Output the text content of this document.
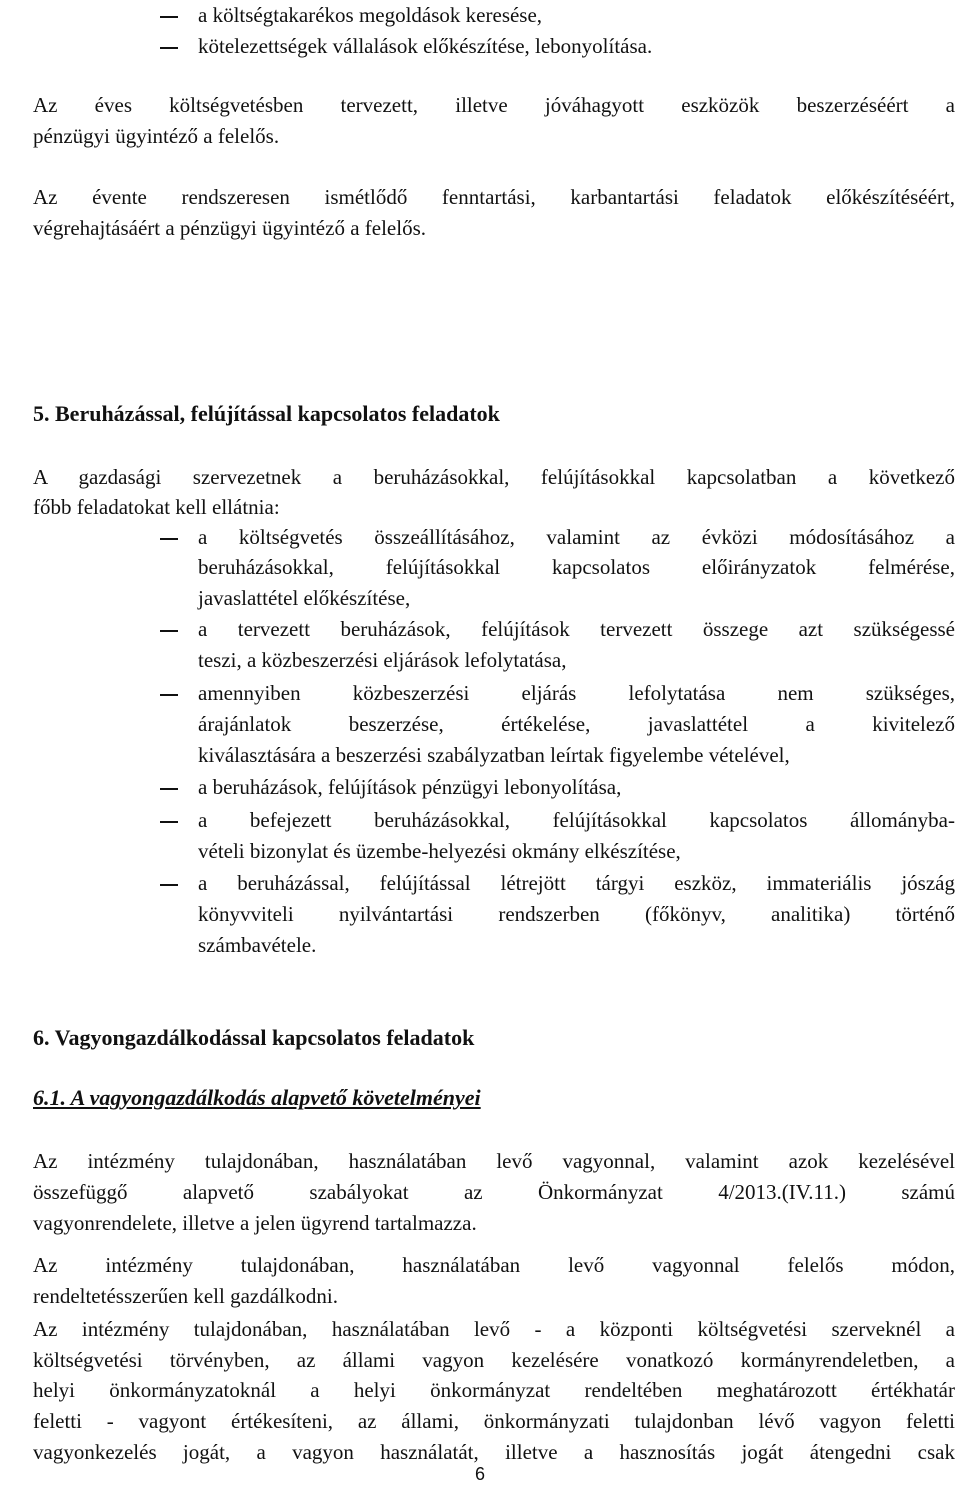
a költségtakarékos megoldások keresése,
kötelezettségek vállalások előkészítése, lebonyolítása.
Az éves költségvetésben tervezett, illetve jóváhagyott eszközök beszerzéséért a
pénzügyi ügyintéző a felelős.
Az évente rendszeresen ismétlődő fenntartási, karbantartási feladatok előkészítéséért,
végrehajtásáért a pénzügyi ügyintéző a felelős.
5. Beruházással, felújítással kapcsolatos feladatok
A gazdasági szervezetnek a beruházásokkal, felújításokkal kapcsolatban a következő
főbb feladatokat kell ellátnia:
a költségvetés összeállításához, valamint az évközi módosításához a
beruházásokkal, felújításokkal kapcsolatos előirányzatok felmérése,
javaslattétel előkészítése,
a tervezett beruházások, felújítások tervezett összege azt szükségessé
teszi, a közbeszerzési eljárások lefolytatása,
amennyiben közbeszerzési eljárás lefolytatása nem szükséges,
árajánlatok beszerzése, értékelése, javaslattétel a kivitelező
kiválasztására a beszerzési szabályzatban leírtak figyelembe vételével,
a beruházások, felújítások pénzügyi lebonyolítása,
a befejezett beruházásokkal, felújításokkal kapcsolatos állományba-
vételi bizonylat és üzembe-helyezési okmány elkészítése,
a beruházással, felújítással létrejött tárgyi eszköz, immateriális jószág
könyvviteli nyilvántartási rendszerben (főkönyv, analitika) történő
számbavétele.
6. Vagyongazdálkodással kapcsolatos feladatok
6.1. A vagyongazdálkodás alapvető követelményei
Az intézmény tulajdonában, használatában levő vagyonnal, valamint azok kezelésével
összefüggő alapvető szabályokat az Önkormányzat 4/2013.(IV.11.) számú
vagyonrendelete, illetve a jelen ügyrend tartalmazza.
Az intézmény tulajdonában, használatában levő vagyonnal felelős módon,
rendeltetésszerűen kell gazdálkodni.
Az intézmény tulajdonában, használatában levő - a központi költségvetési szerveknél a
költségvetési törvényben, az állami vagyon kezelésére vonatkozó kormányrendeletben, a
helyi önkormányzatoknál a helyi önkormányzat rendeltében meghatározott értékhatár
feletti - vagyont értékesíteni, az állami, önkormányzati tulajdonban lévő vagyon feletti
vagyonkezelés jogát, a vagyon használatát, illetve a hasznosítás jogát átengedni csak
6
